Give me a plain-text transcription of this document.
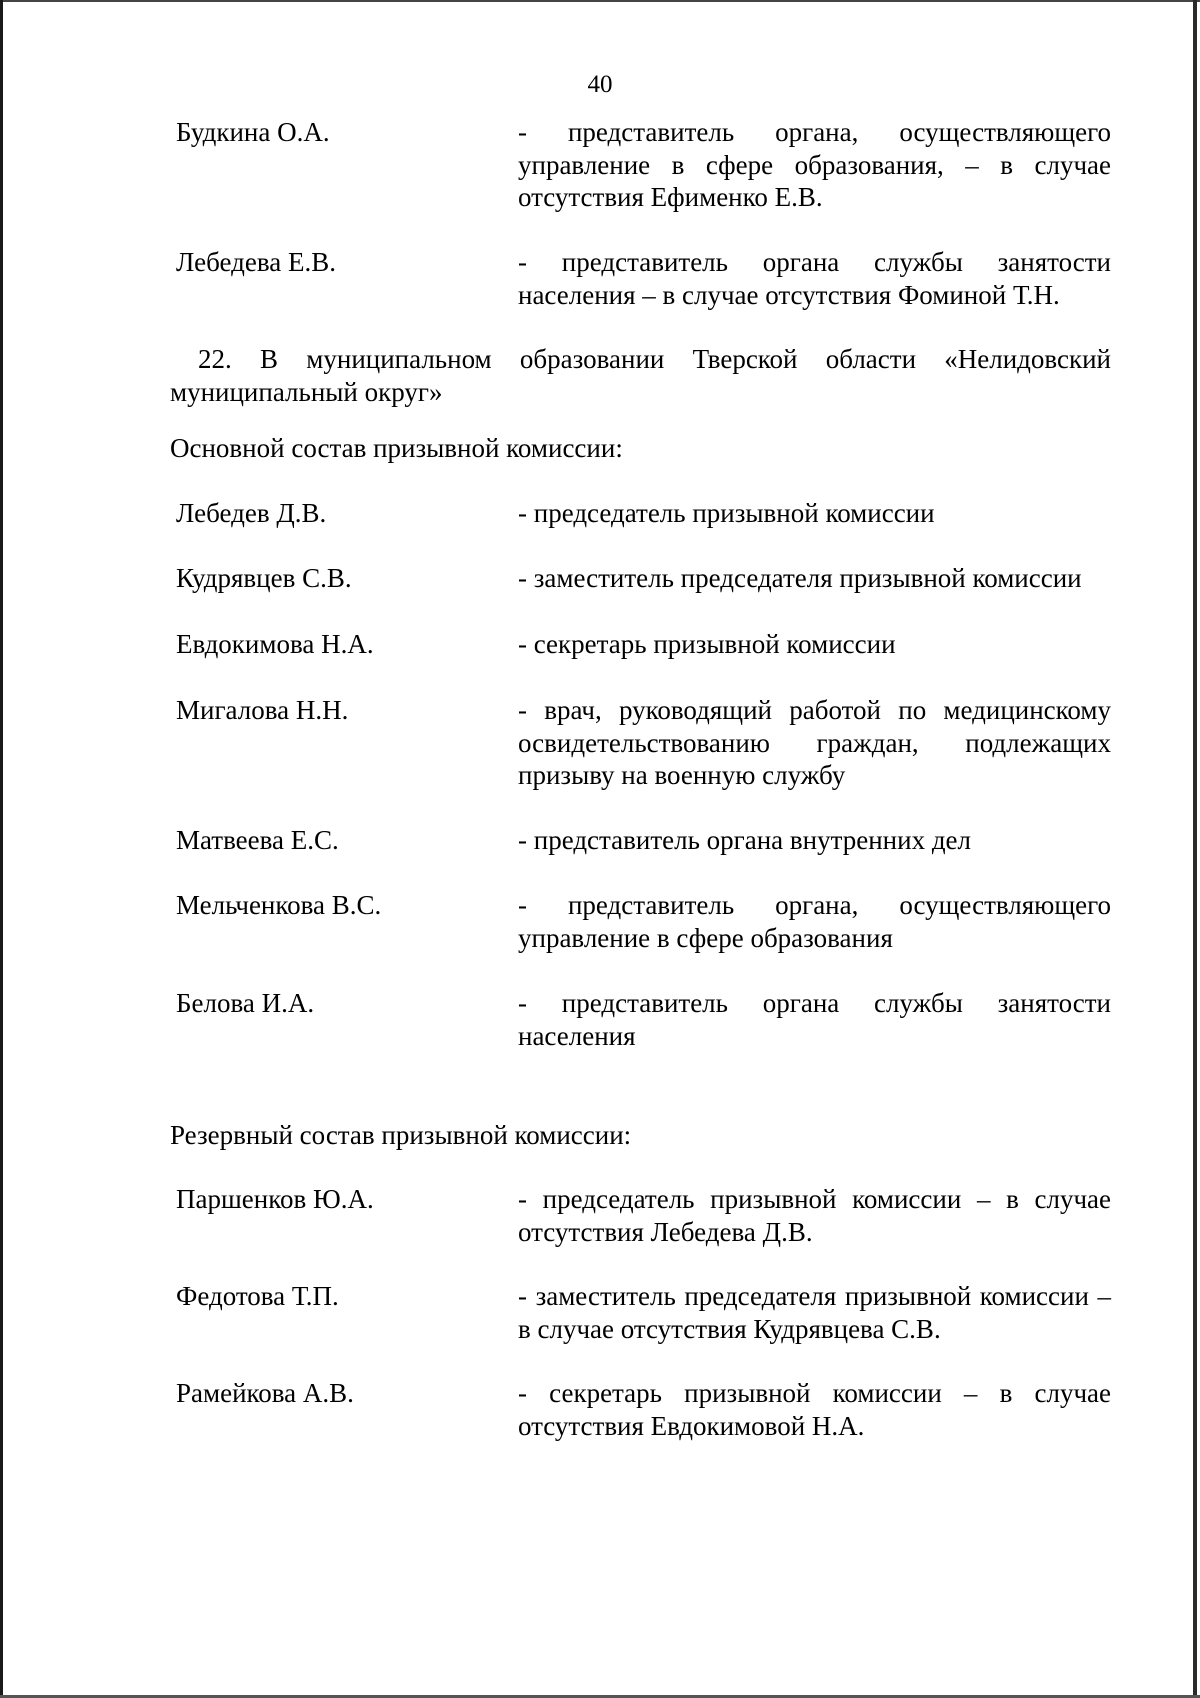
40
Будкина О.А.	- представитель органа, осуществляющего управление в сфере образования, – в случае отсутствия Ефименко Е.В.
Лебедева Е.В.	- представитель органа службы занятости населения – в случае отсутствия Фоминой Т.Н.
22. В муниципальном образовании Тверской области «Нелидовский муниципальный округ»
Основной состав призывной комиссии:
Лебедев Д.В.	- председатель призывной комиссии
Кудрявцев С.В.	- заместитель председателя призывной комиссии
Евдокимова Н.А.	- секретарь призывной комиссии
Мигалова Н.Н.	- врач, руководящий работой по медицинскому освидетельствованию граждан, подлежащих призыву на военную службу
Матвеева Е.С.	- представитель органа внутренних дел
Мельченкова В.С.	- представитель органа, осуществляющего управление в сфере образования
Белова И.А.	- представитель органа службы занятости населения
Резервный состав призывной комиссии:
Паршенков Ю.А.	- председатель призывной комиссии – в случае отсутствия Лебедева Д.В.
Федотова Т.П.	- заместитель председателя призывной комиссии – в случае отсутствия Кудрявцева С.В.
Рамейкова А.В.	- секретарь призывной комиссии – в случае отсутствия Евдокимовой Н.А.
